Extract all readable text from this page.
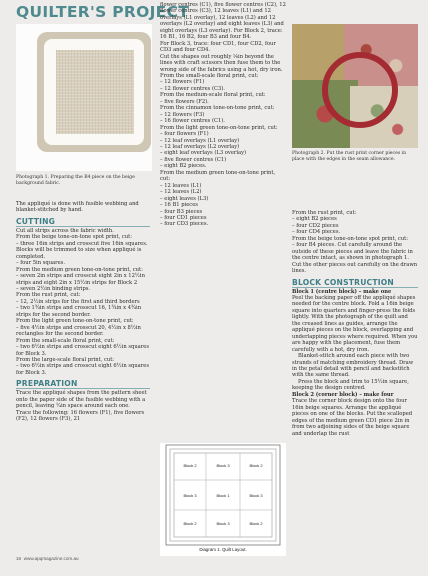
QUILTER'S PROJECT
Photograph 1. Preparing the B4 piece on the beige background fabric.
Photograph 2. Put the rust print corner pieces in place with the edges in the seam allowance.

The appliqué is done with fusible webbing and blanket-stitched by hand.

CUTTING

Cut all strips across the fabric width.

From the beige tone-on-tone spot print, cut:

– three 16in strips and crosscut five 16in squares. Blocks will be trimmed to size when appliqué is completed.

– four 5in squares.

From the medium green tone-on-tone print, cut:

– seven 2in strips and crosscut eight 2in x 12½in strips and eight 2in x 15½in strips for Block 2

– seven 2½in binding strips.

From the rust print, cut:

– 12, 2½in strips for the first and third borders

– two 1¾in strips and crosscut 16, 1¾in x 4¾in strips for the second border.

From the light green tone-on-tone print, cut:

– five 4½in strips and crosscut 20, 4½in x 8½in rectangles for the second border.

From the small-scale floral print, cut:

– two 6½in strips and crosscut eight 6½in squares for Block 3.

From the large-scale floral print, cut:

– two 6½in strips and crosscut eight 6½in squares for Block 3.

PREPARATION

Trace the appliqué shapes from the pattern sheet onto the paper side of the fusible webbing with a pencil, leaving ¼in space around each one.

Trace the following: 16 flowers (F1), five flowers (F2), 12 flowers (F3), 21

flower centres (C1), five flower centres (C2), 12 flower centres (C3), 12 leaves (L1) and 12 overlays (L1 overlay), 12 leaves (L2) and 12 overlays (L2 overlay) and eight leaves (L3) and eight overlays (L3 overlay). For Block 2, trace: 16 B1, 16 B2, four B3 and four B4.

For Block 3, trace: four CD1, four CD2, four CD3 and four CD4.

Cut the shapes out roughly ⅛in beyond the lines with craft scissors then fuse them to the wrong side of the fabrics using a hot, dry iron.

From the small-scale floral print, cut:

– 12 flowers (F1)

– 12 flower centres (C3).

From the medium-scale floral print, cut:

– five flowers (F2).

From the cinnamon tone-on-tone print, cut:

– 12 flowers (F3)

– 16 flower centres (C1).

From the light green tone-on-tone print, cut:

– four flowers (F1)

– 12 leaf overlays (L1 overlay)

– 12 leaf overlays (L2 overlay)

– eight leaf overlays (L3 overlay)

– five flower centres (C1)

– eight B2 pieces.

From the medium green tone-on-tone print, cut:

– 12 leaves (L1)

– 12 leaves (L2)

– eight leaves (L3)

– 16 B1 pieces

– four B3 pieces

– four CD1 pieces

– four CD3 pieces.

Block 2	Block 3	Block 2
Block 3	Block 1	Block 3
Block 2	Block 3	Block 2
Diagram 1. Quilt Layout.

From the rust print, cut:

– eight B2 pieces

– four CD2 pieces

– four CD4 pieces.

From the beige tone-on-tone spot print, cut:

– four B4 pieces. Cut carefully around the outside of these pieces and leave the fabric in the centre intact, as shown in photograph 1.

Cut the other pieces out carefully on the drawn lines.

BLOCK CONSTRUCTION

Block 1 (centre block) – make one

Peel the backing paper off the appliqué shapes needed for the centre block. Fold a 16in beige square into quarters and finger-press the folds lightly. With the photograph of the quilt and the creased lines as guides, arrange the appliqué pieces on the block, overlapping and underlapping pieces where required. When you are happy with the placement, fuse them carefully with a hot, dry iron.

Blanket-stitch around each piece with two strands of matching embroidery thread. Draw in the petal detail with pencil and backstitch with the same thread.

Press the block and trim to 15½in square, keeping the design centred.

Block 2 (corner block) – make four

Trace the corner block design onto the four 16in beige squares. Arrange the appliqué pieces on one of the blocks. Put the scalloped edges of the medium green CD1 piece 2in in from two adjoining sides of the beige square and underlap the rust

16 www.apqmagazine.com.au
